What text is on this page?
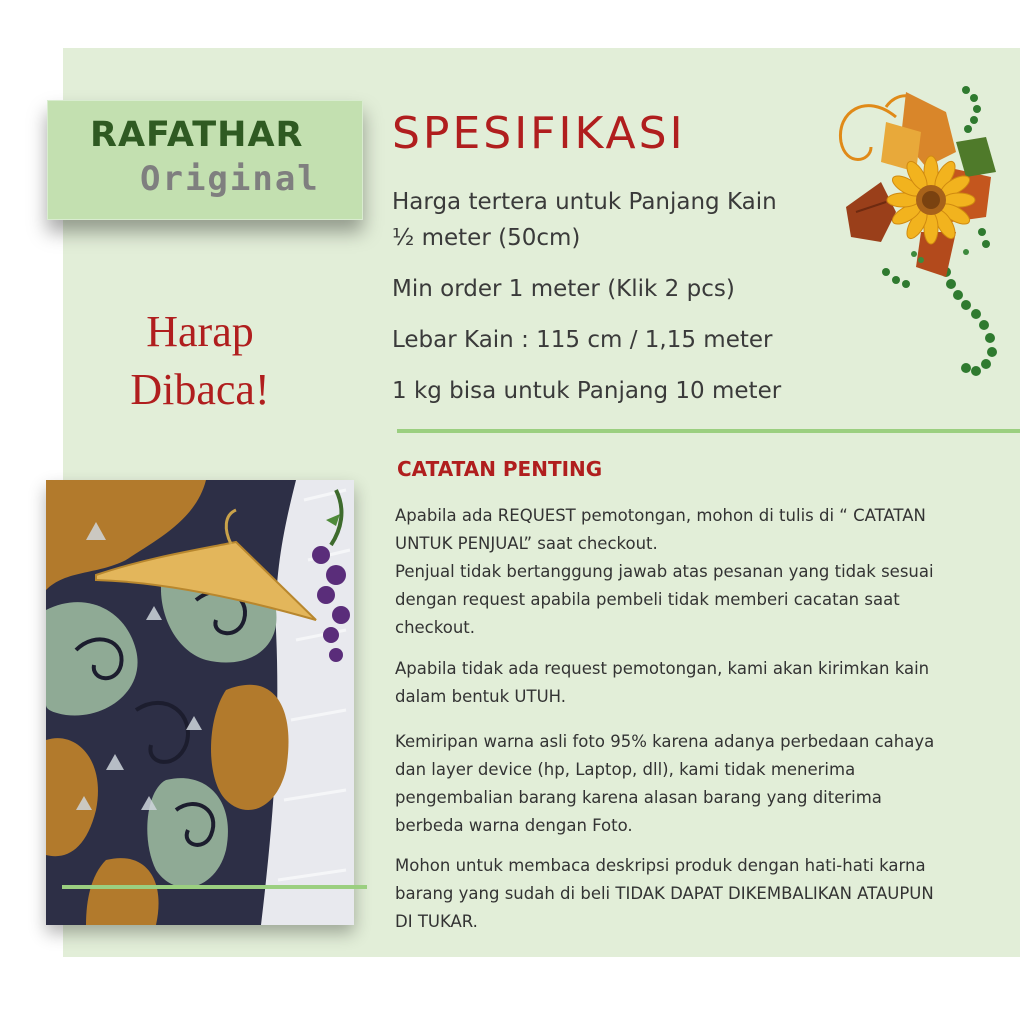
RAFATHAR
Original
Harap
Dibaca!
SPESIFIKASI
Harga tertera untuk Panjang Kain
½ meter (50cm)
Min order 1 meter (Klik 2 pcs)
Lebar Kain : 115 cm / 1,15 meter
1 kg bisa untuk Panjang 10 meter
CATATAN PENTING
Apabila ada REQUEST pemotongan, mohon di tulis di “ CATATAN
UNTUK PENJUAL” saat checkout.
Penjual tidak bertanggung jawab atas pesanan yang tidak sesuai
dengan request apabila pembeli tidak memberi cacatan saat
checkout.
Apabila tidak ada request pemotongan, kami akan kirimkan kain
dalam bentuk UTUH.
Kemiripan warna asli foto 95% karena adanya perbedaan cahaya
dan layer device (hp, Laptop, dll), kami tidak menerima
pengembalian barang karena alasan barang yang diterima
berbeda warna dengan Foto.
Mohon untuk membaca deskripsi produk dengan hati-hati karna
barang yang sudah di beli TIDAK DAPAT DIKEMBALIKAN ATAUPUN
DI TUKAR.
